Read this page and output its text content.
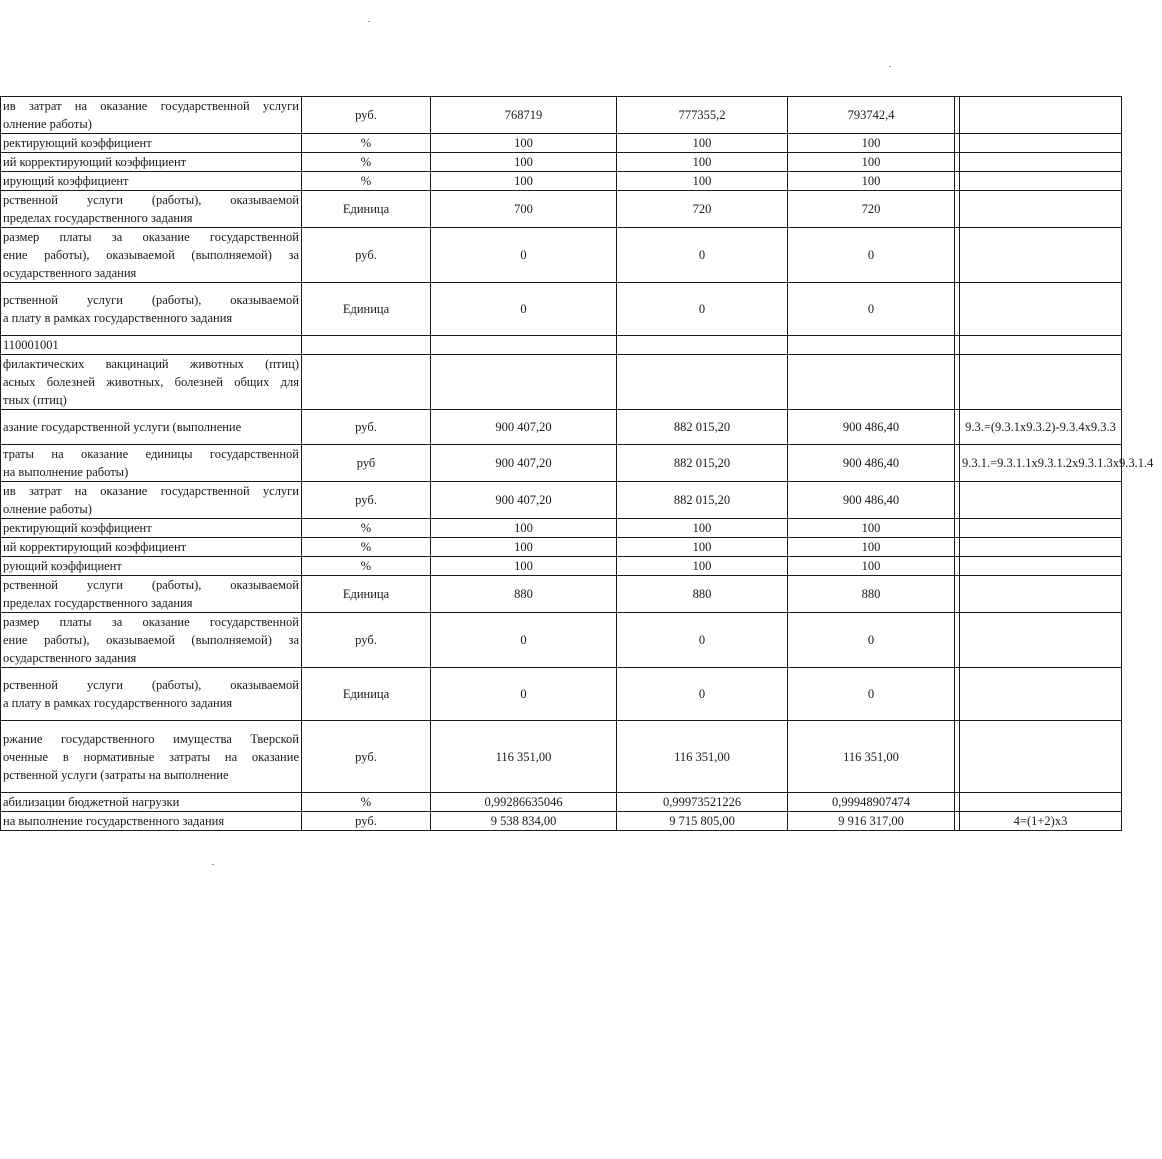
ив затрат на оказание государственной услуги
олнение работы)	руб.	768719	777355,2	793742,4		

ректирующий коэффициент	%	100	100	100		

ий корректирующий коэффициент	%	100	100	100		

ирующий коэффициент	%	100	100	100		

рственной услуги (работы), оказываемой
пределах государственного задания	Единица	700	720	720		

размер платы за оказание государственной
ение работы), оказываемой (выполняемой) за
осударственного задания	руб.	0	0	0		

рственной услуги (работы), оказываемой
а плату в рамках государственного задания	Единица	0	0	0		

110001001						

филактических вакцинаций животных (птиц)
асных болезней животных, болезней общих для
тных (птиц)						

азание государственной услуги (выполнение	руб.	900 407,20	882 015,20	900 486,40		9.3.=(9.3.1х9.3.2)-9.3.4х9.3.3

траты на оказание единицы государственной
на выполнение работы)	руб	900 407,20	882 015,20	900 486,40		9.3.1.=9.3.1.1х9.3.1.2х9.3.1.3х9.3.1.4

ив затрат на оказание государственной услуги
олнение работы)	руб.	900 407,20	882 015,20	900 486,40		

ректирующий коэффициент	%	100	100	100		

ий корректирующий коэффициент	%	100	100	100		

рующий коэффициент	%	100	100	100		

рственной услуги (работы), оказываемой
пределах государственного задания	Единица	880	880	880		

размер платы за оказание государственной
ение работы), оказываемой (выполняемой) за
осударственного задания	руб.	0	0	0		

рственной услуги (работы), оказываемой
а плату в рамках государственного задания	Единица	0	0	0		

ржание государственного имущества Тверской
оченные в нормативные затраты на оказание
рственной услуги (затраты на выполнение	руб.	116 351,00	116 351,00	116 351,00		

абилизации бюджетной нагрузки	%	0,99286635046	0,99973521226	0,99948907474		

на выполнение государственного задания	руб.	9 538 834,00	9 715 805,00	9 916 317,00		4=(1+2)х3
